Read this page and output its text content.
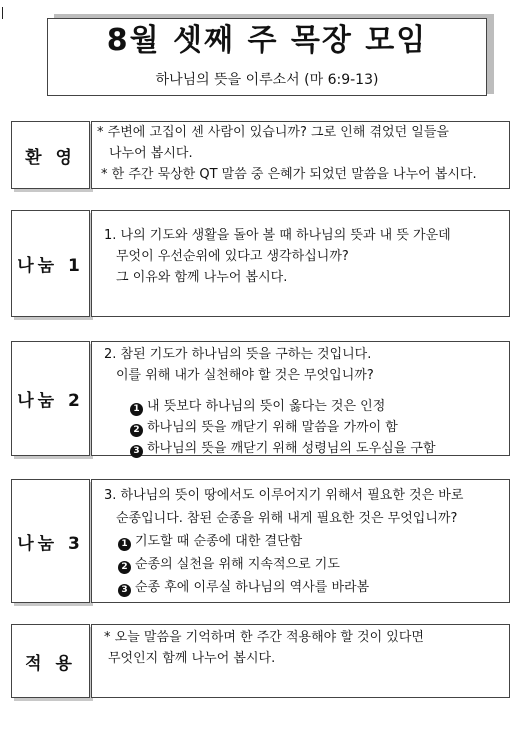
8월 셋째 주 목장 모임
하나님의 뜻을 이루소서 (마 6:9-13)
환 영
* 주변에 고집이 센 사람이 있습니까? 그로 인해 겪었던 일들을
나누어 봅시다.
* 한 주간 묵상한 QT 말씀 중 은혜가 되었던 말씀을 나누어 봅시다.
나눔 1
1. 나의 기도와 생활을 돌아 볼 때 하나님의 뜻과 내 뜻 가운데
무엇이 우선순위에 있다고 생각하십니까?
그 이유와 함께 나누어 봅시다.
나눔 2
2. 참된 기도가 하나님의 뜻을 구하는 것입니다.
이를 위해 내가 실천해야 할 것은 무엇입니까?
1 내 뜻보다 하나님의 뜻이 옳다는 것은 인정
2 하나님의 뜻을 깨닫기 위해 말씀을 가까이 함
3 하나님의 뜻을 깨닫기 위해 성령님의 도우심을 구함
나눔 3
3. 하나님의 뜻이 땅에서도 이루어지기 위해서 필요한 것은 바로
순종입니다. 참된 순종을 위해 내게 필요한 것은 무엇입니까?
1 기도할 때 순종에 대한 결단함
2 순종의 실천을 위해 지속적으로 기도
3 순종 후에 이루실 하나님의 역사를 바라봄
적 용
* 오늘 말씀을 기억하며 한 주간 적용해야 할 것이 있다면
무엇인지 함께 나누어 봅시다.
